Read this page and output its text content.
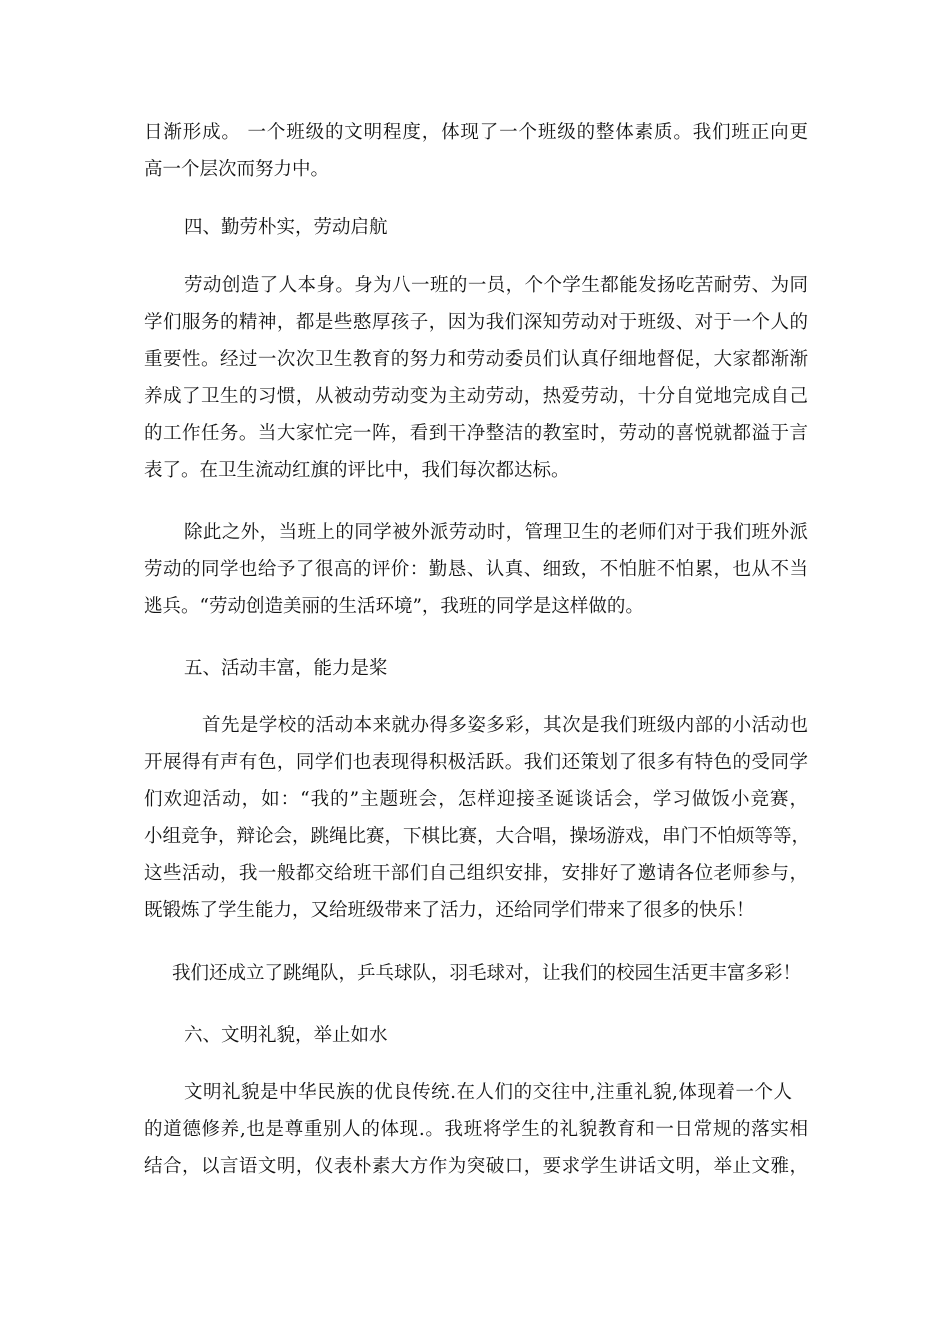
日渐形成。 一个班级的文明程度，体现了一个班级的整体素质。我们班正向更
高一个层次而努力中。
四、勤劳朴实，劳动启航
劳动创造了人本身。身为八一班的一员，个个学生都能发扬吃苦耐劳、为同
学们服务的精神，都是些憨厚孩子，因为我们深知劳动对于班级、对于一个人的
重要性。经过一次次卫生教育的努力和劳动委员们认真仔细地督促，大家都渐渐
养成了卫生的习惯，从被动劳动变为主动劳动，热爱劳动，十分自觉地完成自己
的工作任务。当大家忙完一阵，看到干净整洁的教室时，劳动的喜悦就都溢于言
表了。在卫生流动红旗的评比中，我们每次都达标。
除此之外，当班上的同学被外派劳动时，管理卫生的老师们对于我们班外派
劳动的同学也给予了很高的评价：勤恳、认真、细致，不怕脏不怕累，也从不当
逃兵。“劳动创造美丽的生活环境”，我班的同学是这样做的。
五、活动丰富，能力是桨
首先是学校的活动本来就办得多姿多彩，其次是我们班级内部的小活动也
开展得有声有色，同学们也表现得积极活跃。我们还策划了很多有特色的受同学
们欢迎活动，如：“我的”主题班会，怎样迎接圣诞谈话会，学习做饭小竞赛，
小组竞争，辩论会，跳绳比赛，下棋比赛，大合唱，操场游戏，串门不怕烦等等，
这些活动，我一般都交给班干部们自己组织安排，安排好了邀请各位老师参与，
既锻炼了学生能力，又给班级带来了活力，还给同学们带来了很多的快乐！
我们还成立了跳绳队，乒乓球队，羽毛球对，让我们的校园生活更丰富多彩！
六、文明礼貌，举止如水
文明礼貌是中华民族的优良传统.在人们的交往中,注重礼貌,体现着一个人
的道德修养,也是尊重别人的体现.。我班将学生的礼貌教育和一日常规的落实相
结合，以言语文明，仪表朴素大方作为突破口，要求学生讲话文明，举止文雅，
